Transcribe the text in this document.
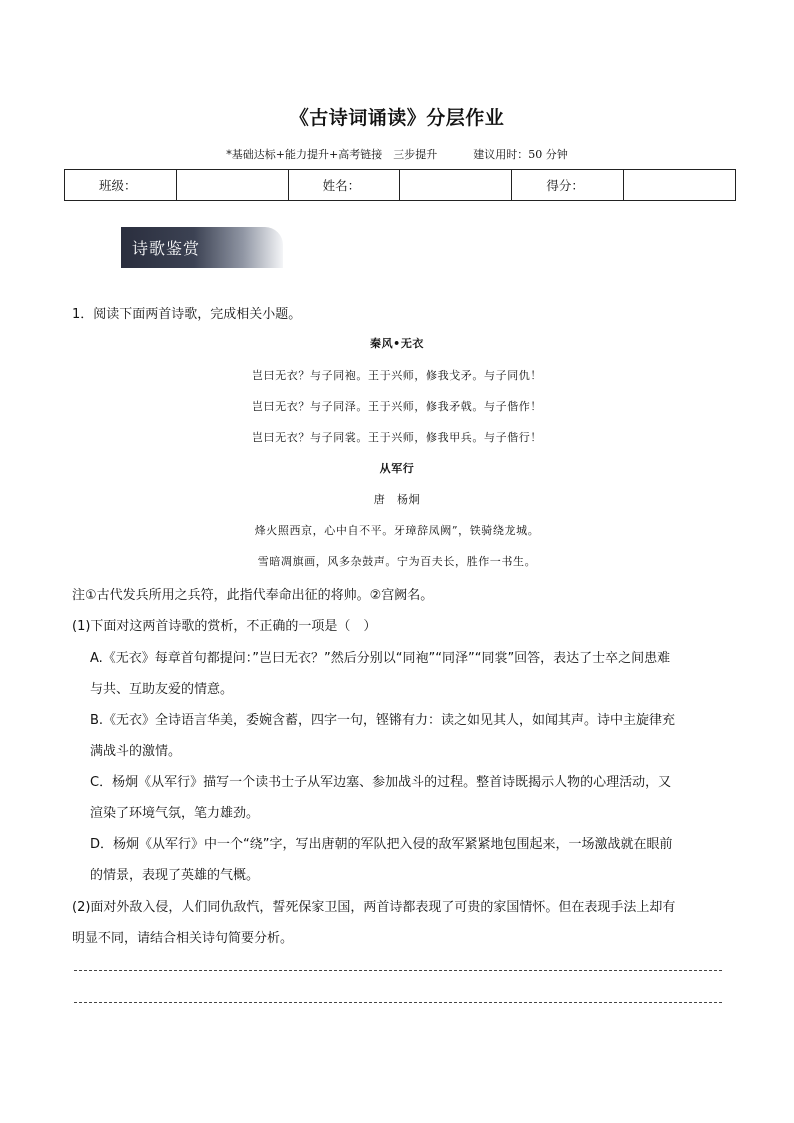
《古诗词诵读》分层作业
*基础达标+能力提升+高考链接　三步提升	建议用时：50 分钟
班级：		姓名：		得分：	
诗歌鉴赏
1．阅读下面两首诗歌，完成相关小题。
秦风•无衣
岂曰无衣？与子同袍。王于兴师，修我戈矛。与子同仇！
岂曰无衣？与子同泽。王于兴师，修我矛戟。与子偕作！
岂曰无衣？与子同裳。王于兴师，修我甲兵。与子偕行！
从军行
唐　杨炯
烽火照西京，心中自不平。牙璋辞凤阙”，铁骑绕龙城。
雪暗凋旗画，风多杂鼓声。宁为百夫长，胜作一书生。
注①古代发兵所用之兵符，此指代奉命出征的将帅。②宫阙名。
(1)下面对这两首诗歌的赏析，不正确的一项是（　）
A.《无衣》每章首句都提问：”岂曰无衣？”然后分别以“同袍”“同泽”“同裳”回答，表达了士卒之间患难
与共、互助友爱的情意。
B.《无衣》全诗语言华美，委婉含蓄，四字一句，铿锵有力：读之如见其人，如闻其声。诗中主旋律充
满战斗的激情。
C．杨炯《从军行》描写一个读书士子从军边塞、参加战斗的过程。整首诗既揭示人物的心理活动，又
渲染了环境气氛，笔力雄劲。
D．杨炯《从军行》中一个“绕”字，写出唐朝的军队把入侵的敌军紧紧地包围起来，一场激战就在眼前
的情景，表现了英雄的气概。
(2)面对外敌入侵，人们同仇敌忾，誓死保家卫国，两首诗都表现了可贵的家国情怀。但在表现手法上却有
明显不同，请结合相关诗句简要分析。
